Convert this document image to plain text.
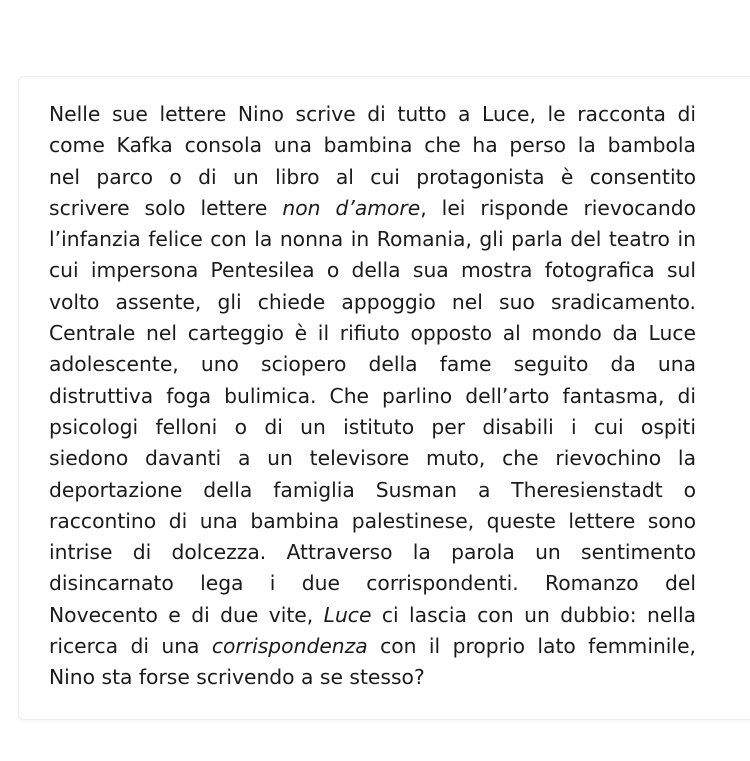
Nelle sue lettere Nino scrive di tutto a Luce, le racconta di
come Kafka consola una bambina che ha perso la bambola
nel parco o di un libro al cui protagonista è consentito
scrivere solo lettere non d’amore, lei risponde rievocando
l’infanzia felice con la nonna in Romania, gli parla del teatro in
cui impersona Pentesilea o della sua mostra fotografica sul
volto assente, gli chiede appoggio nel suo sradicamento.
Centrale nel carteggio è il rifiuto opposto al mondo da Luce
adolescente, uno sciopero della fame seguito da una
distruttiva foga bulimica. Che parlino dell’arto fantasma, di
psicologi felloni o di un istituto per disabili i cui ospiti
siedono davanti a un televisore muto, che rievochino la
deportazione della famiglia Susman a Theresienstadt o
raccontino di una bambina palestinese, queste lettere sono
intrise di dolcezza. Attraverso la parola un sentimento
disincarnato lega i due corrispondenti. Romanzo del
Novecento e di due vite, Luce ci lascia con un dubbio: nella
ricerca di una corrispondenza con il proprio lato femminile,
Nino sta forse scrivendo a se stesso?
